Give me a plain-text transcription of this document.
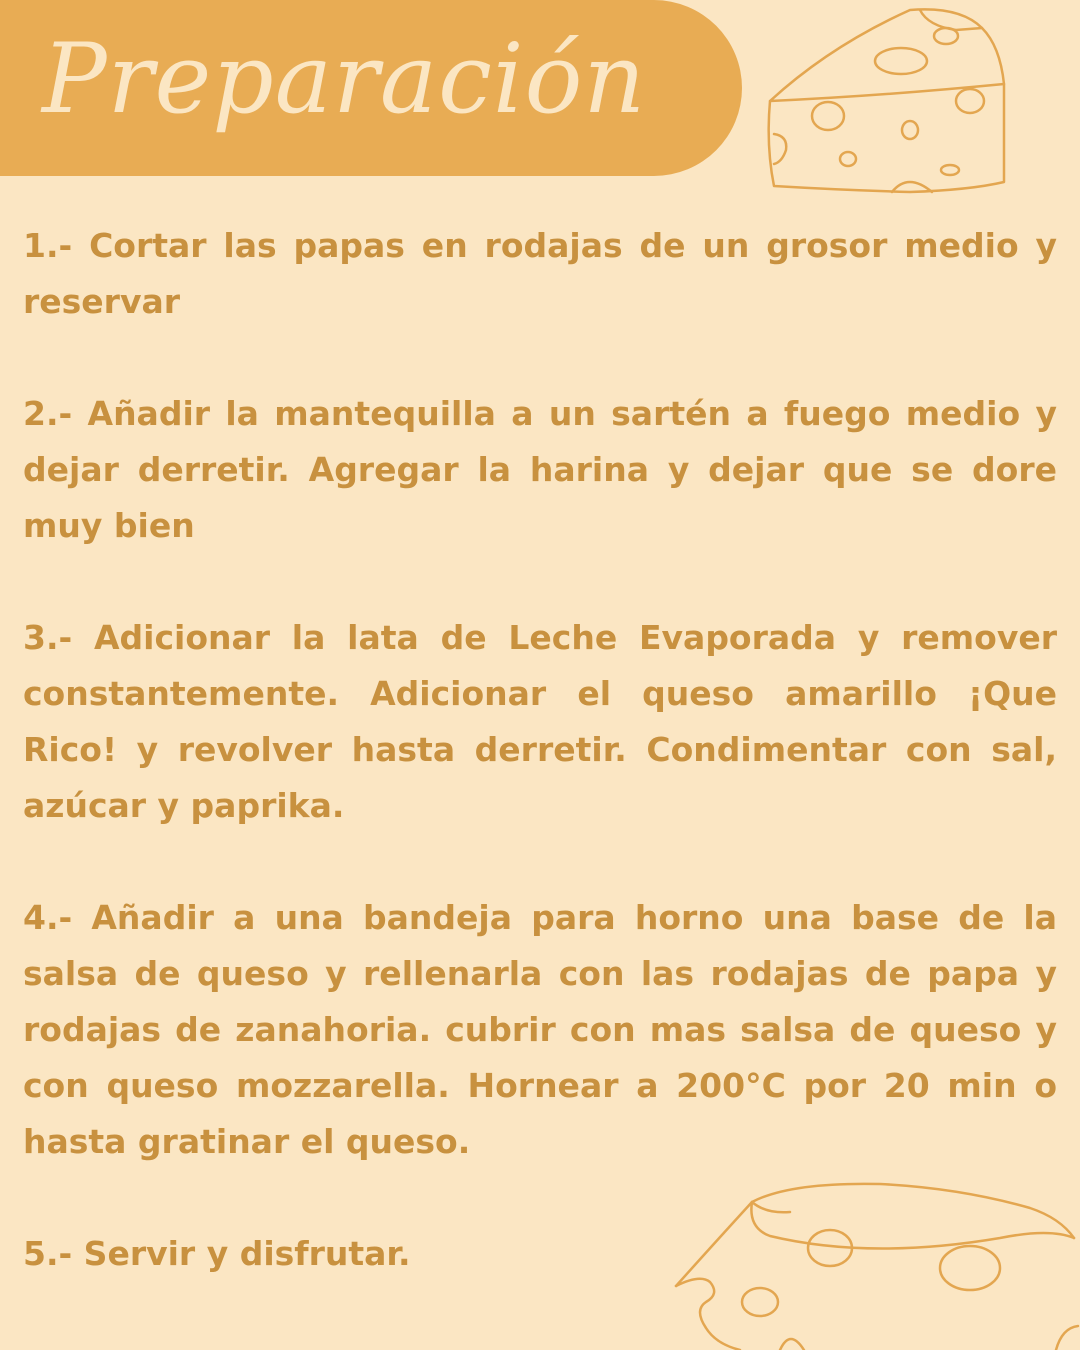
Preparación

1.- Cortar las papas en rodajas de un grosor medio y reservar

2.- Añadir la mantequilla a un sartén a fuego medio y dejar derretir. Agregar la harina y dejar que se dore muy bien

3.- Adicionar la lata de Leche Evaporada y remover constantemente. Adicionar el queso amarillo ¡Que Rico! y revolver hasta derretir. Condimentar con sal, azúcar y paprika.

4.- Añadir a una bandeja para horno una base de la salsa de queso y rellenarla con las rodajas de papa y rodajas de zanahoria. cubrir con mas salsa de queso y con queso mozzarella. Hornear a 200°C por 20 min o hasta gratinar el queso.

5.- Servir y disfrutar.
